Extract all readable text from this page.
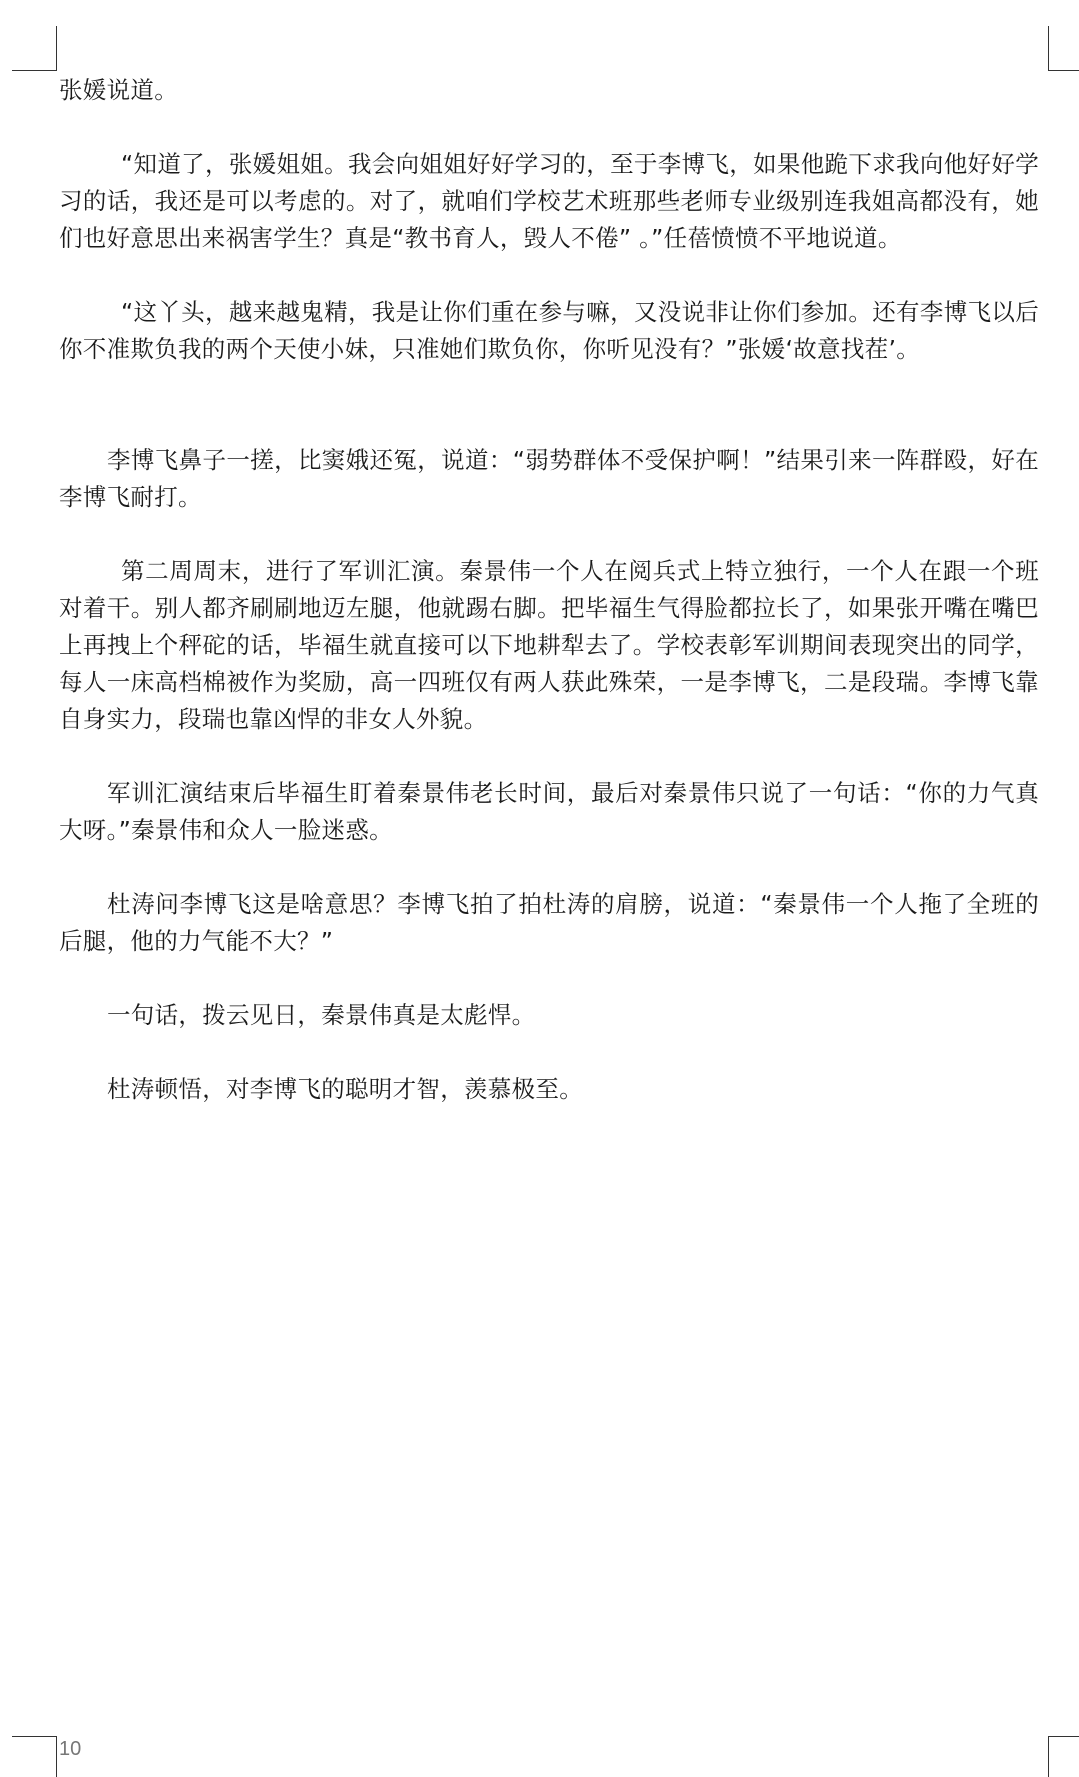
张媛说道。

“知道了，张媛姐姐。我会向姐姐好好学习的，至于李博飞，如果他跪下求我向他好好学习的话，我还是可以考虑的。对了，就咱们学校艺术班那些老师专业级别连我姐高都没有，她们也好意思出来祸害学生？真是“教书育人，毁人不倦” 。”任蓓愤愤不平地说道。

“这丫头，越来越鬼精，我是让你们重在参与嘛，又没说非让你们参加。还有李博飞以后你不准欺负我的两个天使小妹，只准她们欺负你，你听见没有？”张媛‘故意找茬’。

李博飞鼻子一搓，比窦娥还冤，说道：“弱势群体不受保护啊！”结果引来一阵群殴，好在李博飞耐打。

第二周周末，进行了军训汇演。秦景伟一个人在阅兵式上特立独行，一个人在跟一个班对着干。别人都齐刷刷地迈左腿，他就踢右脚。把毕福生气得脸都拉长了，如果张开嘴在嘴巴上再拽上个秤砣的话，毕福生就直接可以下地耕犁去了。学校表彰军训期间表现突出的同学，每人一床高档棉被作为奖励，高一四班仅有两人获此殊荣，一是李博飞，二是段瑞。李博飞靠自身实力，段瑞也靠凶悍的非女人外貌。

军训汇演结束后毕福生盯着秦景伟老长时间，最后对秦景伟只说了一句话：“你的力气真大呀。”秦景伟和众人一脸迷惑。

杜涛问李博飞这是啥意思？李博飞拍了拍杜涛的肩膀，说道：“秦景伟一个人拖了全班的后腿，他的力气能不大？”

一句话，拨云见日，秦景伟真是太彪悍。

杜涛顿悟，对李博飞的聪明才智，羡慕极至。

10
